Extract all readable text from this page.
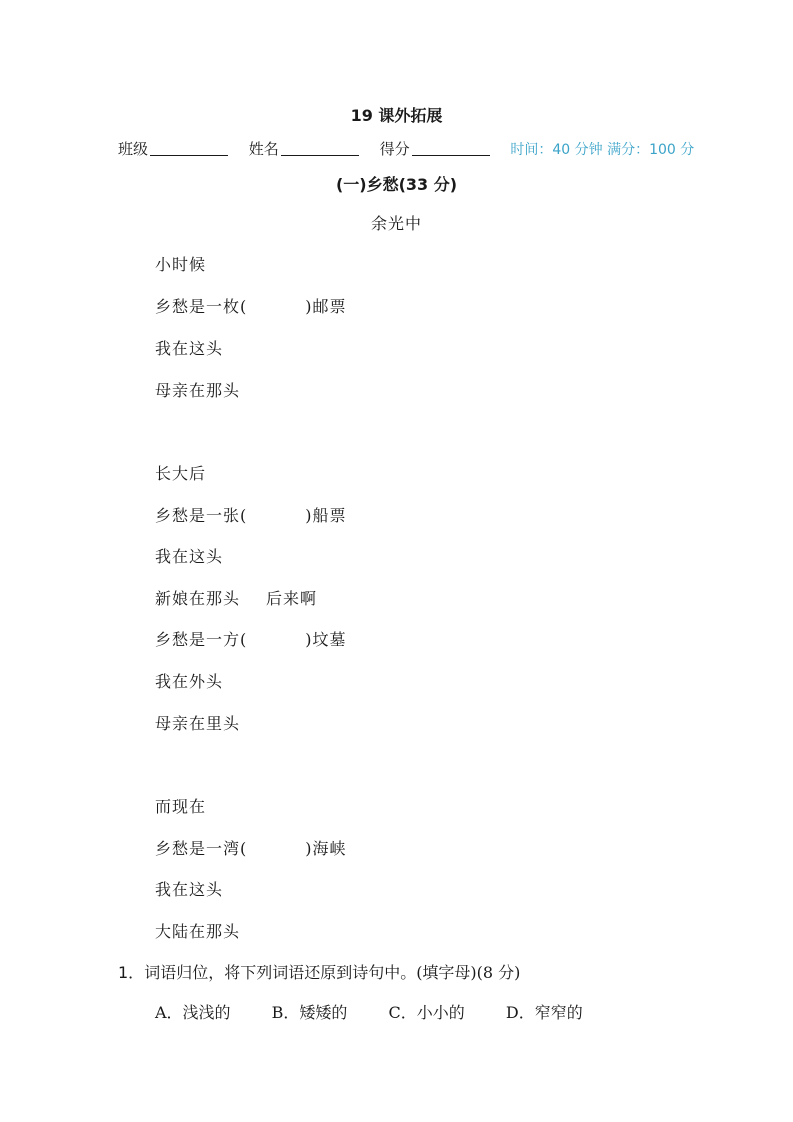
19 课外拓展
班级	姓名	得分	时间：40 分钟 满分：100 分
(一)乡愁(33 分)
余光中
小时候
乡愁是一枚(	)邮票
我在这头
母亲在那头
长大后
乡愁是一张(	)船票
我在这头
新娘在那头 后来啊
乡愁是一方(	)坟墓
我在外头
母亲在里头
而现在
乡愁是一湾(	)海峡
我在这头
大陆在那头
1．词语归位，将下列词语还原到诗句中。(填字母)(8 分)
A．浅浅的	B．矮矮的	C．小小的	D．窄窄的
